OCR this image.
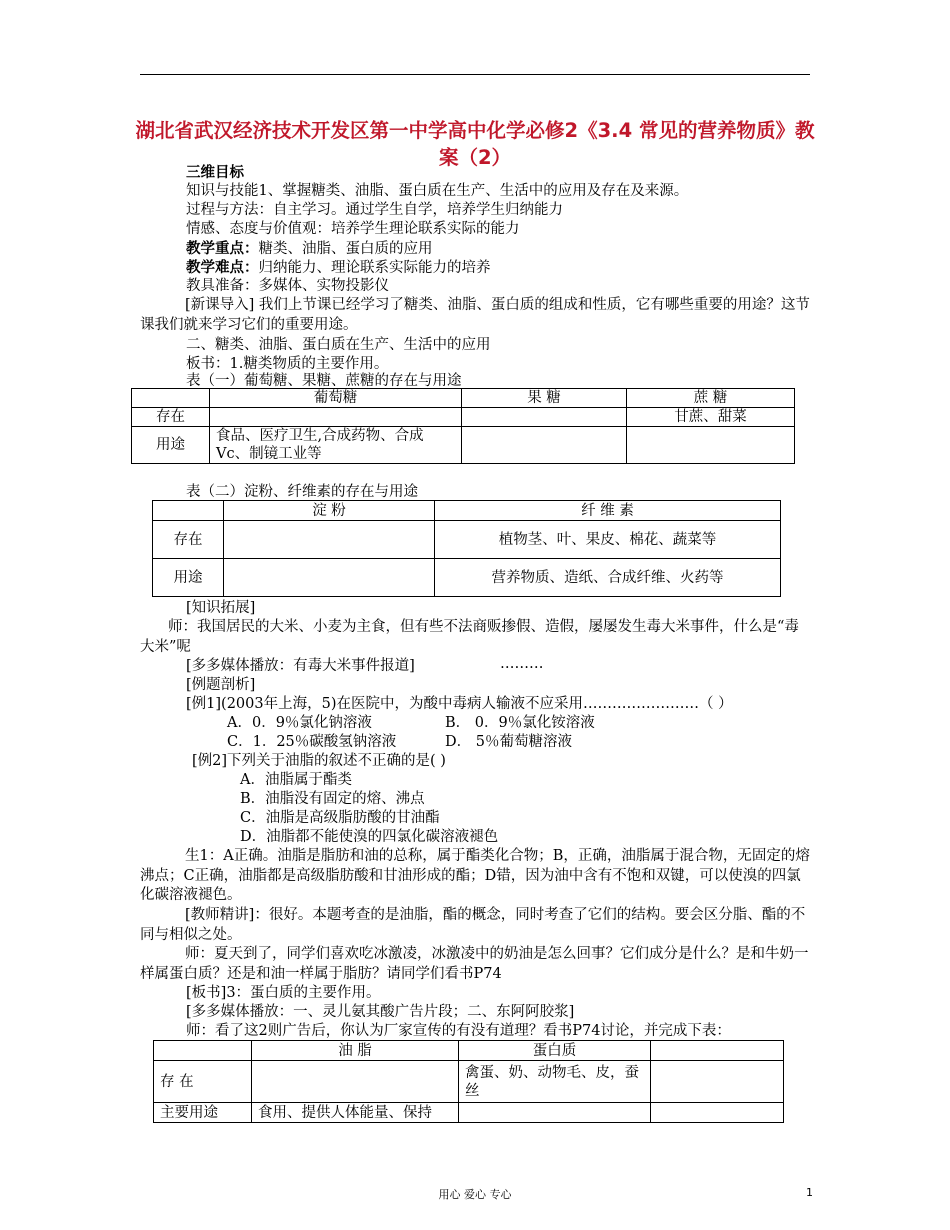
湖北省武汉经济技术开发区第一中学高中化学必修2《3.4 常见的营养物质》教案（2）
三维目标
知识与技能1、掌握糖类、油脂、蛋白质在生产、生活中的应用及存在及来源。
过程与方法：自主学习。通过学生自学，培养学生归纳能力
情感、态度与价值观：培养学生理论联系实际的能力
教学重点：糖类、油脂、蛋白质的应用
教学难点：归纳能力、理论联系实际能力的培养
教具准备：多媒体、实物投影仪
[新课导入] 我们上节课已经学习了糖类、油脂、蛋白质的组成和性质，它有哪些重要的用途？这节课我们就来学习它们的重要用途。
二、糖类、油脂、蛋白质在生产、生活中的应用
板书：1.糖类物质的主要作用。
表（一）葡萄糖、果糖、蔗糖的存在与用途
	葡萄糖	果 糖	蔗 糖
存在			甘蔗、甜菜
用途	食品、医疗卫生,合成药物、合成Vc、制镜工业等		
表（二）淀粉、纤维素的存在与用途
	淀 粉	纤 维 素
存在		植物茎、叶、果皮、棉花、蔬菜等
用途		营养物质、造纸、合成纤维、火药等
[知识拓展]
师：我国居民的大米、小麦为主食，但有些不法商贩掺假、造假，屡屡发生毒大米事件，什么是“毒大米”呢
[多多媒体播放：有毒大米事件报道]	………
[例题剖析]
[例1](2003年上海，5)在医院中，为酸中毒病人输液不应采用……………………（ ）
A．0．9％氯化钠溶液	B． 0．9％氯化铵溶液
C．1．25％碳酸氢钠溶液	D． 5％葡萄糖溶液
[例2]下列关于油脂的叙述不正确的是( )
A．油脂属于酯类
B．油脂没有固定的熔、沸点
C．油脂是高级脂肪酸的甘油酯
D．油脂都不能使溴的四氯化碳溶液褪色
生1：A正确。油脂是脂肪和油的总称，属于酯类化合物；B，正确，油脂属于混合物，无固定的熔沸点；C正确，油脂都是高级脂肪酸和甘油形成的酯；D错，因为油中含有不饱和双键，可以使溴的四氯化碳溶液褪色。
[教师精讲]：很好。本题考查的是油脂，酯的概念，同时考查了它们的结构。要会区分脂、酯的不同与相似之处。
师：夏天到了，同学们喜欢吃冰激凌，冰激凌中的奶油是怎么回事？它们成分是什么？是和牛奶一样属蛋白质？还是和油一样属于脂肪？请同学们看书P74
[板书]3：蛋白质的主要作用。
[多多媒体播放：一、灵儿氨其酸广告片段；二、东阿阿胶浆]
师：看了这2则广告后，你认为厂家宣传的有没有道理？看书P74讨论，并完成下表：
	油 脂	蛋白质	
存 在		禽蛋、奶、动物毛、皮，蚕丝	
主要用途	食用、提供人体能量、保持		
用心 爱心 专心	1
